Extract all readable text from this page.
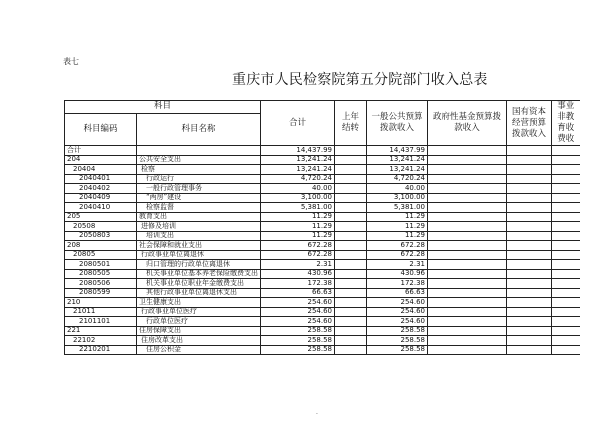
表七
重庆市人民检察院第五分院部门收入总表
科目		合计	上年结转	一般公共预算拨款收入	政府性基金预算拨款收入	国有资本经营预算拨款收入	事业
非教育收费收
科目编码	科目名称						
合计		14,437.99		14,437.99			
204	公共安全支出	13,241.24		13,241.24			
20404	检察	13,241.24		13,241.24			
2040401	行政运行	4,720.24		4,720.24			
2040402	一般行政管理事务	40.00		40.00			
2040409	“两房”建设	3,100.00		3,100.00			
2040410	检察监督	5,381.00		5,381.00			
205	教育支出	11.29		11.29			
20508	进修及培训	11.29		11.29			
2050803	培训支出	11.29		11.29			
208	社会保障和就业支出	672.28		672.28			
20805	行政事业单位离退休	672.28		672.28			
2080501	归口管理的行政单位离退休	2.31		2.31			
2080505	机关事业单位基本养老保险缴费支出	430.96		430.96			
2080506	机关事业单位职业年金缴费支出	172.38		172.38			
2080599	其他行政事业单位离退休支出	66.63		66.63			
210	卫生健康支出	254.60		254.60			
21011	行政事业单位医疗	254.60		254.60			
2101101	行政单位医疗	254.60		254.60			
221	住房保障支出	258.58		258.58			
22102	住房改革支出	258.58		258.58			
2210201	住房公积金	258.58		258.58			
·
